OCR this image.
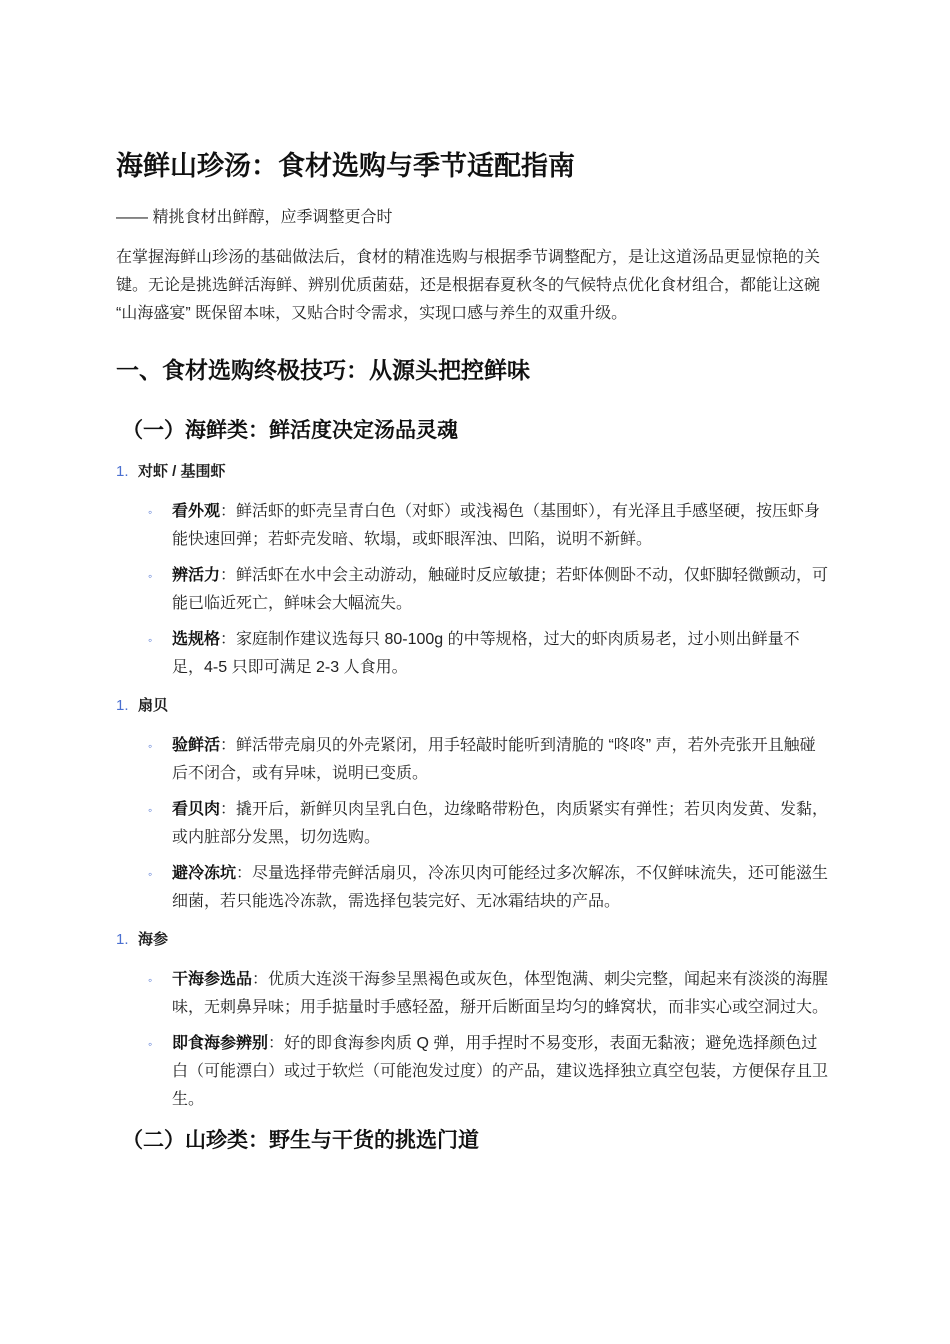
海鲜山珍汤：食材选购与季节适配指南

—— 精挑食材出鲜醇，应季调整更合时

在掌握海鲜山珍汤的基础做法后，食材的精准选购与根据季节调整配方，是让这道汤品更显惊艳的关键。无论是挑选鲜活海鲜、辨别优质菌菇，还是根据春夏秋冬的气候特点优化食材组合，都能让这碗 “山海盛宴” 既保留本味，又贴合时令需求，实现口感与养生的双重升级。

一、食材选购终极技巧：从源头把控鲜味
（一）海鲜类：鲜活度决定汤品灵魂
1. 对虾 / 基围虾
◦ 看外观：鲜活虾的虾壳呈青白色（对虾）或浅褐色（基围虾），有光泽且手感坚硬，按压虾身能快速回弹；若虾壳发暗、软塌，或虾眼浑浊、凹陷，说明不新鲜。
◦ 辨活力：鲜活虾在水中会主动游动，触碰时反应敏捷；若虾体侧卧不动，仅虾脚轻微颤动，可能已临近死亡，鲜味会大幅流失。
◦ 选规格：家庭制作建议选每只 80-100g 的中等规格，过大的虾肉质易老，过小则出鲜量不足，4-5 只即可满足 2-3 人食用。
1. 扇贝
◦ 验鲜活：鲜活带壳扇贝的外壳紧闭，用手轻敲时能听到清脆的 “咚咚” 声，若外壳张开且触碰后不闭合，或有异味，说明已变质。
◦ 看贝肉：撬开后，新鲜贝肉呈乳白色，边缘略带粉色，肉质紧实有弹性；若贝肉发黄、发黏，或内脏部分发黑，切勿选购。
◦ 避冷冻坑：尽量选择带壳鲜活扇贝，冷冻贝肉可能经过多次解冻，不仅鲜味流失，还可能滋生细菌，若只能选冷冻款，需选择包装完好、无冰霜结块的产品。
1. 海参
◦ 干海参选品：优质大连淡干海参呈黑褐色或灰色，体型饱满、刺尖完整，闻起来有淡淡的海腥味，无刺鼻异味；用手掂量时手感轻盈，掰开后断面呈均匀的蜂窝状，而非实心或空洞过大。
◦ 即食海参辨别：好的即食海参肉质 Q 弹，用手捏时不易变形，表面无黏液；避免选择颜色过白（可能漂白）或过于软烂（可能泡发过度）的产品，建议选择独立真空包装，方便保存且卫生。
（二）山珍类：野生与干货的挑选门道
